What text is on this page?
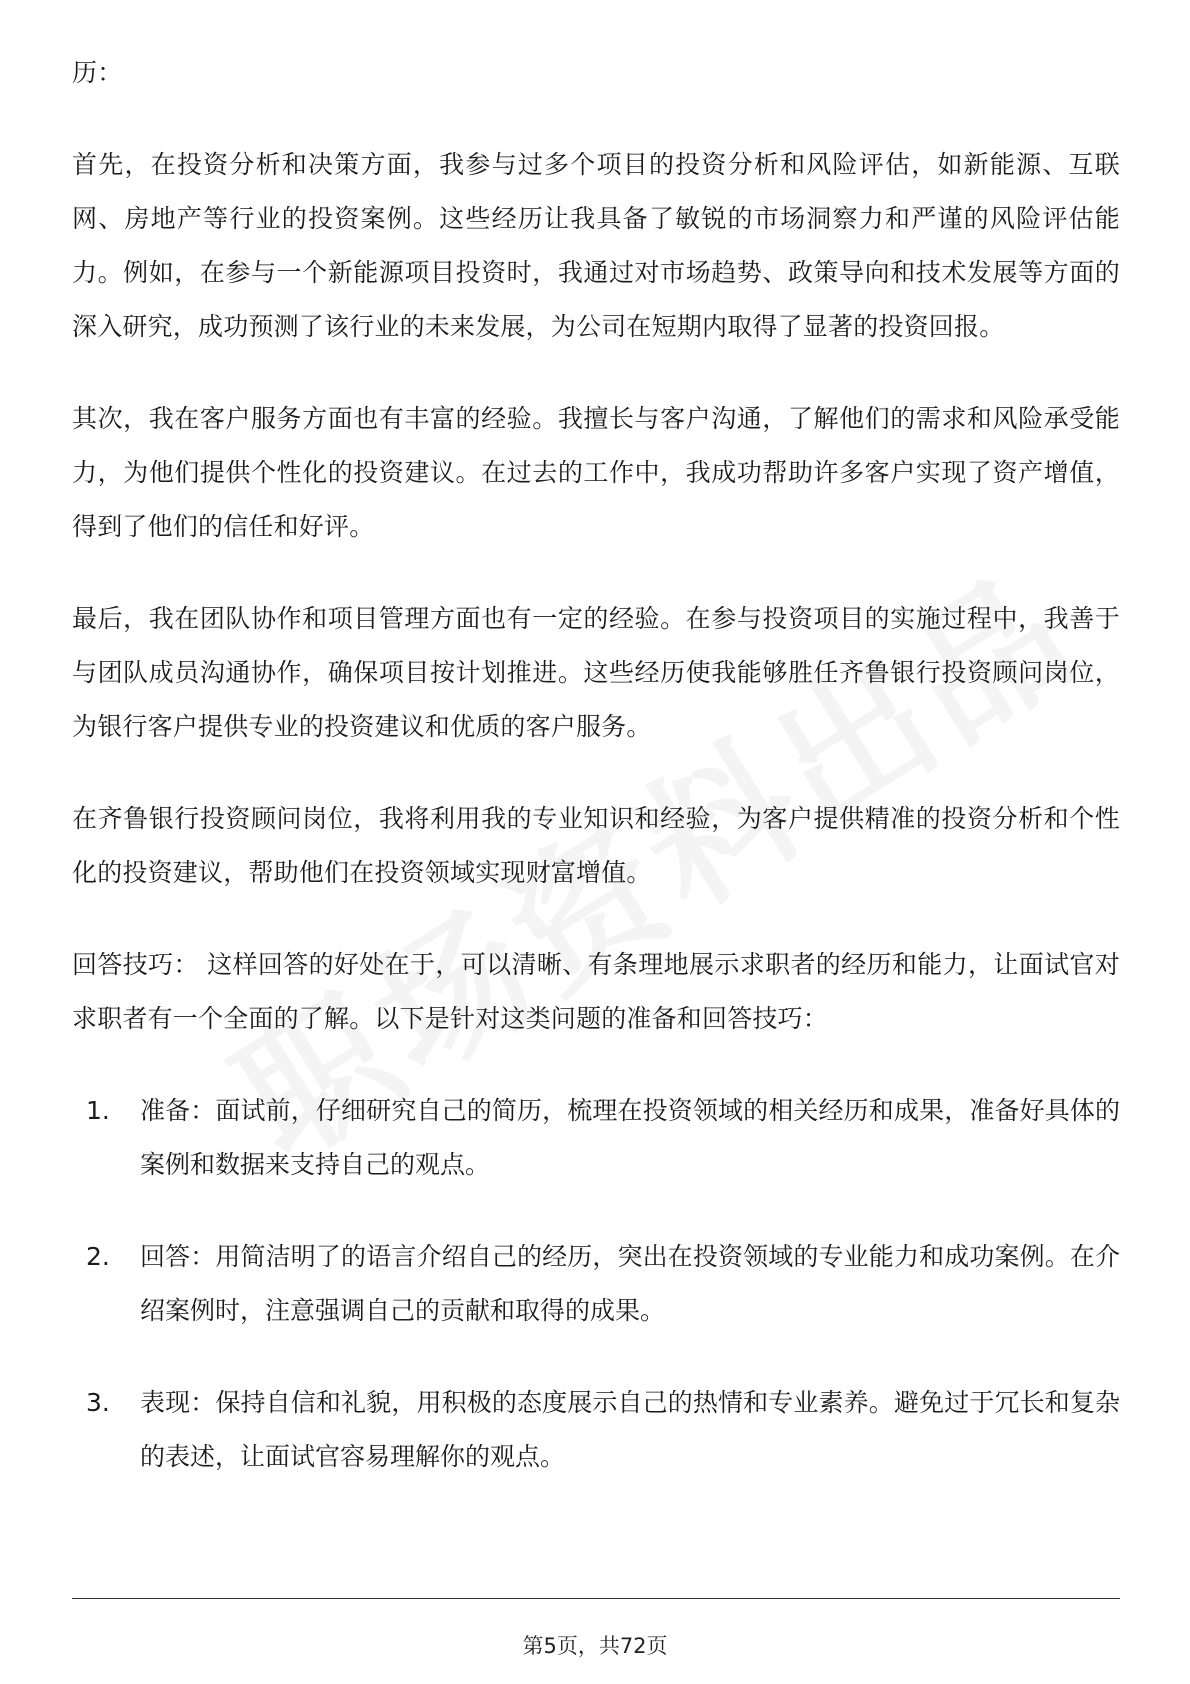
历：

首先，在投资分析和决策方面，我参与过多个项目的投资分析和风险评估，如新能源、互联网、房地产等行业的投资案例。这些经历让我具备了敏锐的市场洞察力和严谨的风险评估能力。例如，在参与一个新能源项目投资时，我通过对市场趋势、政策导向和技术发展等方面的深入研究，成功预测了该行业的未来发展，为公司在短期内取得了显著的投资回报。

其次，我在客户服务方面也有丰富的经验。我擅长与客户沟通，了解他们的需求和风险承受能力，为他们提供个性化的投资建议。在过去的工作中，我成功帮助许多客户实现了资产增值，得到了他们的信任和好评。

最后，我在团队协作和项目管理方面也有一定的经验。在参与投资项目的实施过程中，我善于与团队成员沟通协作，确保项目按计划推进。这些经历使我能够胜任齐鲁银行投资顾问岗位，为银行客户提供专业的投资建议和优质的客户服务。

在齐鲁银行投资顾问岗位，我将利用我的专业知识和经验，为客户提供精准的投资分析和个性化的投资建议，帮助他们在投资领域实现财富增值。

回答技巧： 这样回答的好处在于，可以清晰、有条理地展示求职者的经历和能力，让面试官对求职者有一个全面的了解。以下是针对这类问题的准备和回答技巧：

1.	准备：面试前，仔细研究自己的简历，梳理在投资领域的相关经历和成果，准备好具体的案例和数据来支持自己的观点。
2.	回答：用简洁明了的语言介绍自己的经历，突出在投资领域的专业能力和成功案例。在介绍案例时，注意强调自己的贡献和取得的成果。
3.	表现：保持自信和礼貌，用积极的态度展示自己的热情和专业素养。避免过于冗长和复杂的表述，让面试官容易理解你的观点。
第5页，共72页
